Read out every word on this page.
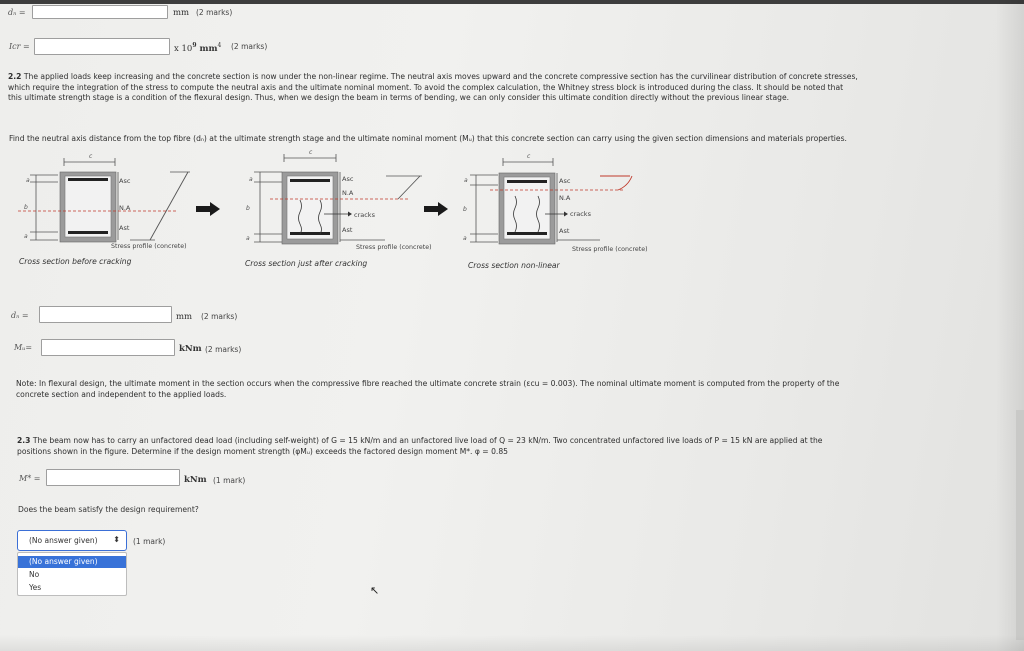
dₙ =	mm (2 marks)
Icr =	x $10^9$ $mm^4$ (2 marks)
2.2 The applied loads keep increasing and the concrete section is now under the non-linear regime. The neutral axis moves upward and the concrete compressive section has the curvilinear distribution of concrete stresses,
which require the integration of the stress to compute the neutral axis and the ultimate nominal moment. To avoid the complex calculation, the Whitney stress block is introduced during the class. It should be noted that
this ultimate strength stage is a condition of the flexural design. Thus, when we design the beam in terms of bending, we can only consider this ultimate condition directly without the previous linear stage.
Find the neutral axis distance from the top fibre (dₙ) at the ultimate strength stage and the ultimate nominal moment (Mᵤ) that this concrete section can carry using the given section dimensions and materials properties.
c
a
b
a
Asc
N.A
Ast
Stress profile (concrete)
c
a
b
a
Asc
N.A
cracks
Ast
Stress profile (concrete)
c
a
b
a
Asc
N.A
cracks
Ast
Stress profile (concrete)
Cross section before cracking	Cross section just after cracking	Cross section non-linear
dₙ =	mm (2 marks)
Mᵤ=	kNm (2 marks)
Note: In flexural design, the ultimate moment in the section occurs when the compressive fibre reached the ultimate concrete strain (εcu = 0.003). The nominal ultimate moment is computed from the property of the
concrete section and independent to the applied loads.
2.3 The beam now has to carry an unfactored dead load (including self-weight) of G = 15 kN/m and an unfactored live load of Q = 23 kN/m. Two concentrated unfactored live loads of P = 15 kN are applied at the
positions shown in the figure. Determine if the design moment strength (φMᵤ) exceeds the factored design moment M*. φ = 0.85
M* =	kNm (1 mark)
Does the beam satisfy the design requirement?
(No answer given) ⬍ (1 mark)
(No answer given)
No
Yes	↖
